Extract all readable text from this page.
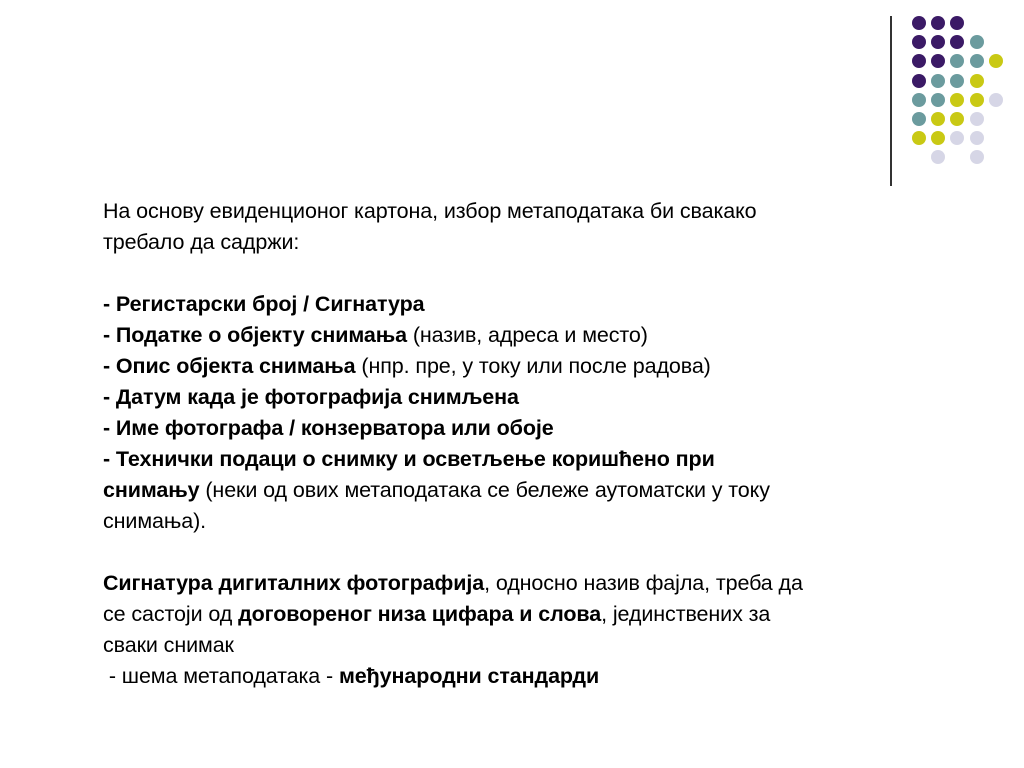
На основу евиденционог картона, избор метаподатака би свакако

требало да садржи:

- Регистарски број / Сигнатура

- Податке о објекту снимања (назив, адреса и место)

- Опис објекта снимања (нпр. пре, у току или после радова)

- Датум када је фотографија снимљена

- Име фотографа / конзерватора или обоје

- Технички подаци о снимку и осветљење коришћено при

снимању (неки од ових метаподатака се бележе аутоматски у току

снимања).

Сигнатура дигиталних фотографија, односно назив фајла, треба да

се састоји од договореног низа цифара и слова, јединствених за

сваки снимак

- шема метаподатака - међународни стандарди
